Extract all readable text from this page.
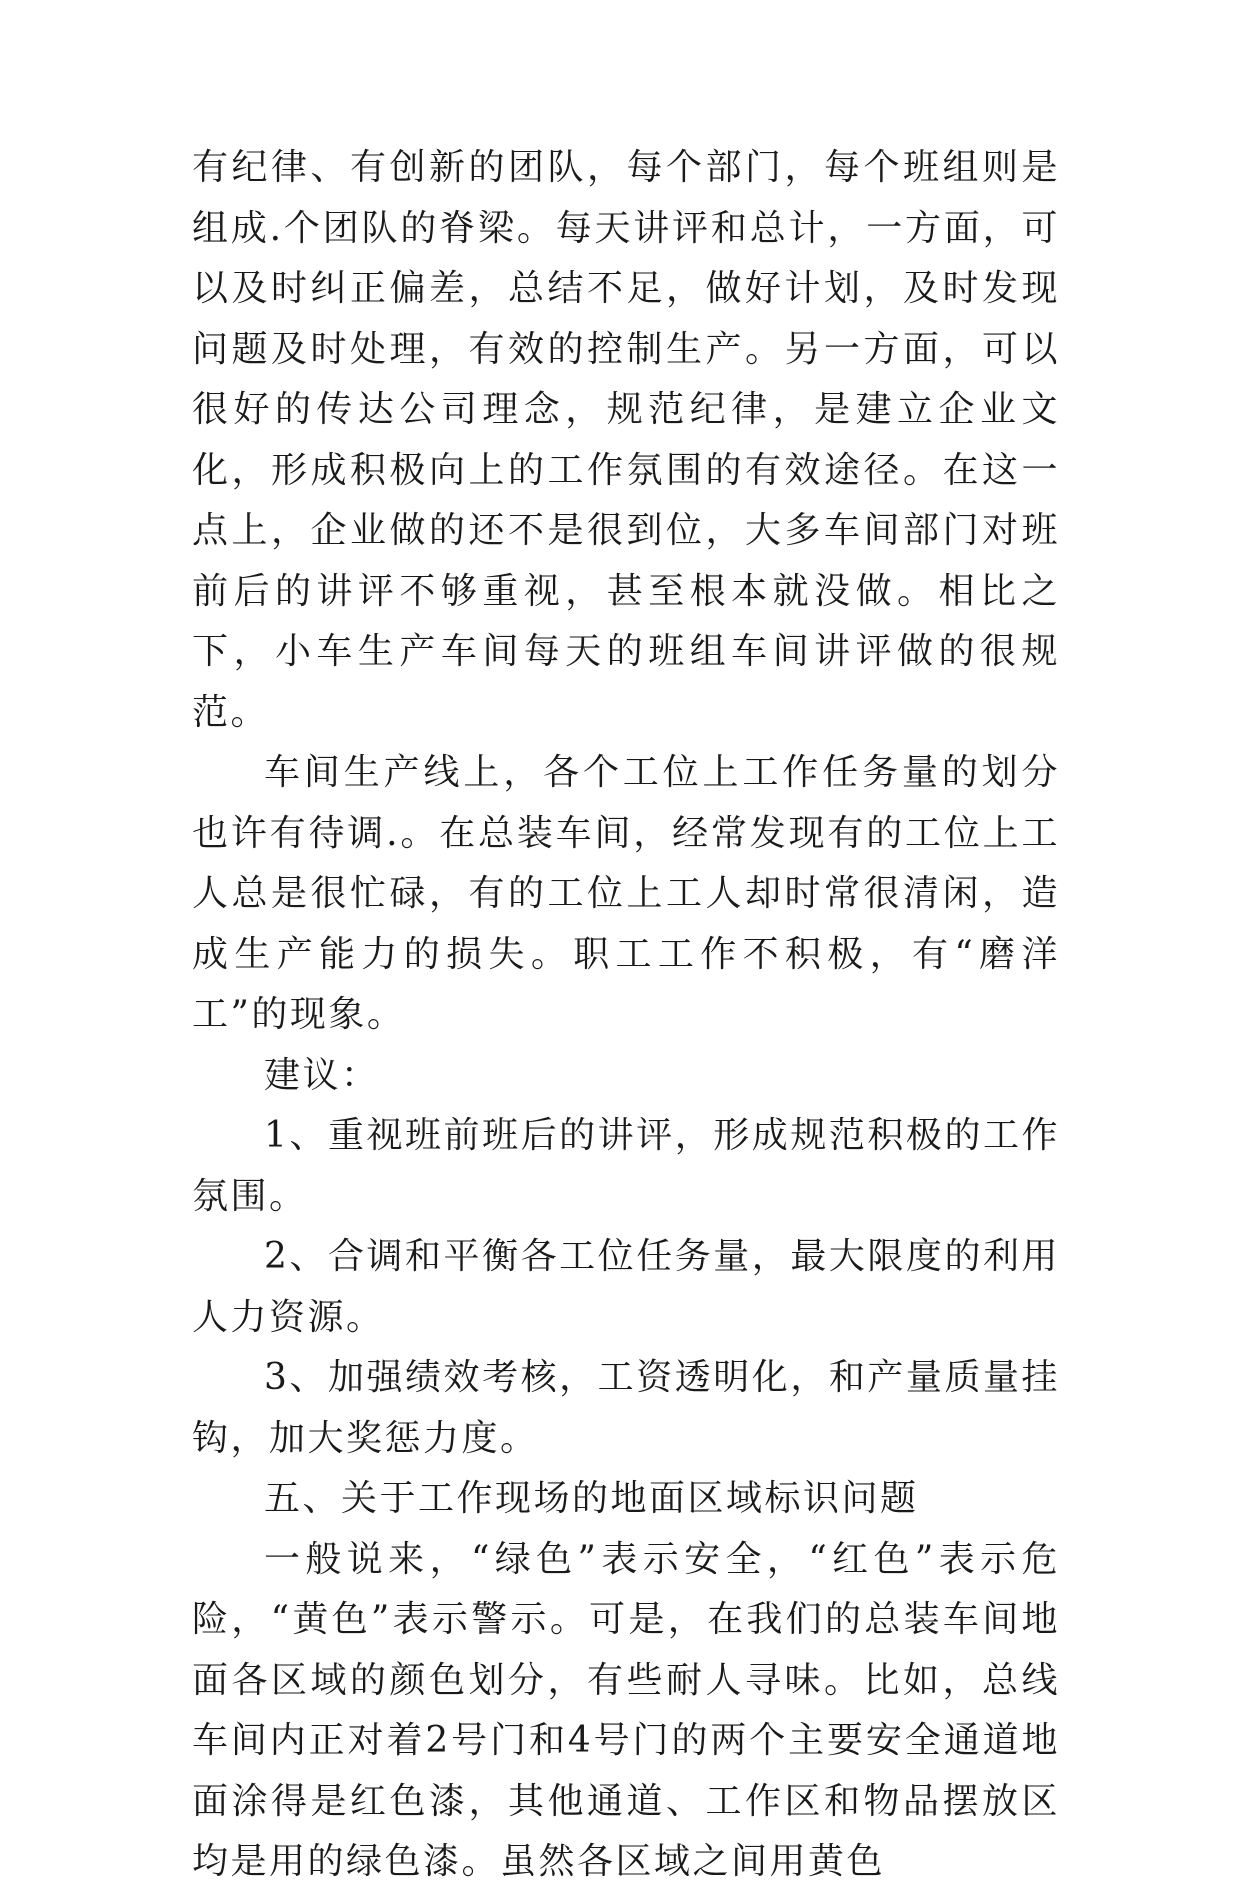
有纪律、有创新的团队，每个部门，每个班组则是组成.个团队的脊梁。每天讲评和总计，一方面，可以及时纠正偏差，总结不足，做好计划，及时发现问题及时处理，有效的控制生产。另一方面，可以很好的传达公司理念，规范纪律，是建立企业文化，形成积极向上的工作氛围的有效途径。在这一点上，企业做的还不是很到位，大多车间部门对班前后的讲评不够重视，甚至根本就没做。相比之下，小车生产车间每天的班组车间讲评做的很规范。

车间生产线上，各个工位上工作任务量的划分也许有待调.。在总装车间，经常发现有的工位上工人总是很忙碌，有的工位上工人却时常很清闲，造成生产能力的损失。职工工作不积极，有“磨洋工”的现象。

建议：

1、重视班前班后的讲评，形成规范积极的工作氛围。

2、合调和平衡各工位任务量，最大限度的利用人力资源。

3、加强绩效考核，工资透明化，和产量质量挂钩，加大奖惩力度。

五、关于工作现场的地面区域标识问题

一般说来，“绿色”表示安全，“红色”表示危险，“黄色”表示警示。可是，在我们的总装车间地面各区域的颜色划分，有些耐人寻味。比如，总线车间内正对着2号门和4号门的两个主要安全通道地面涂得是红色漆，其他通道、工作区和物品摆放区均是用的绿色漆。虽然各区域之间用黄色
